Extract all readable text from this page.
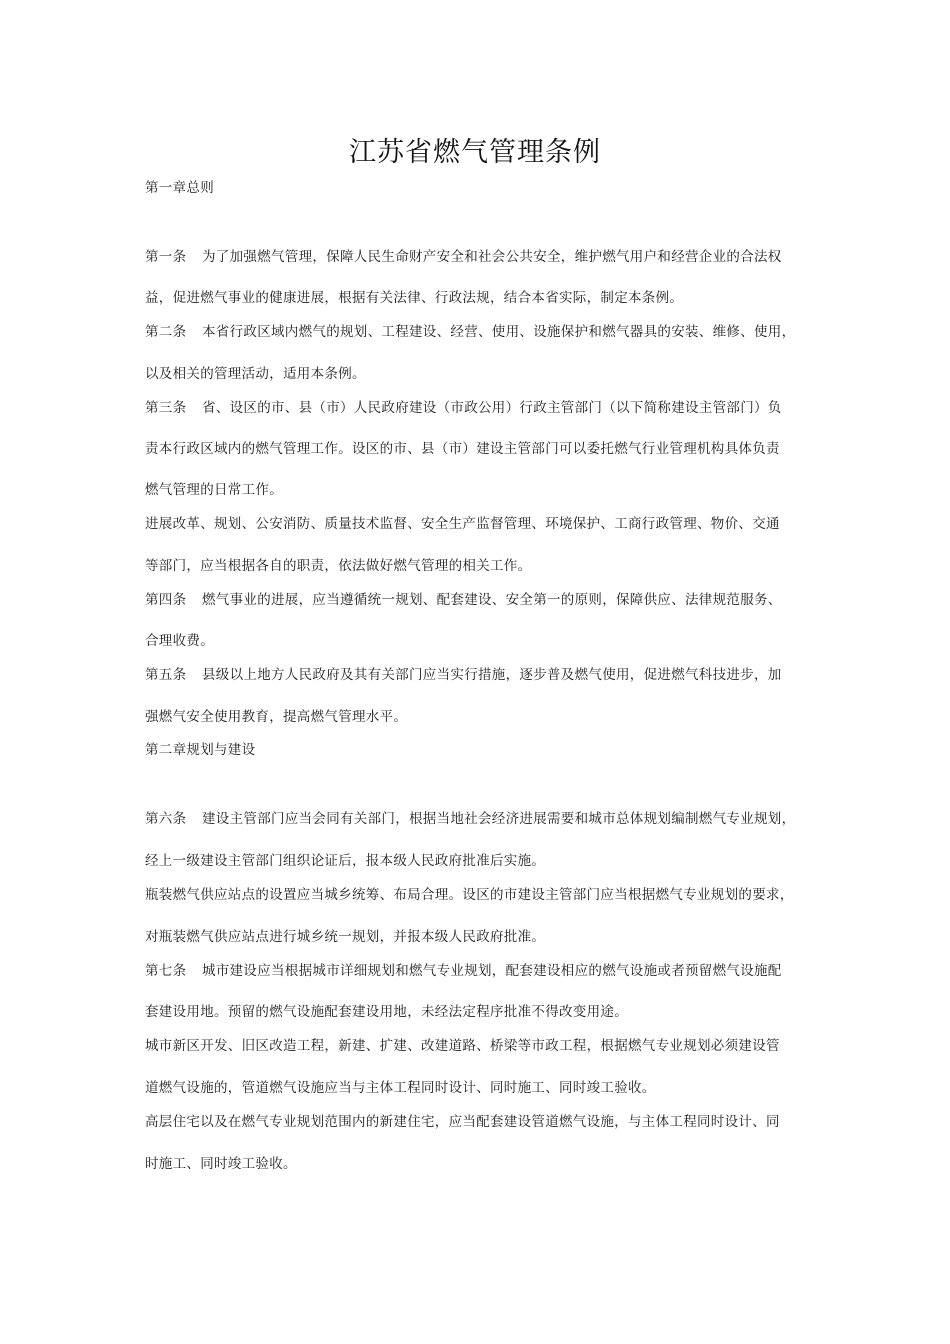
江苏省燃气管理条例
第一章总则
第一条 为了加强燃气管理，保障人民生命财产安全和社会公共安全，维护燃气用户和经营企业的合法权
益，促进燃气事业的健康进展，根据有关法律、行政法规，结合本省实际，制定本条例。
第二条 本省行政区域内燃气的规划、工程建设、经营、使用、设施保护和燃气器具的安装、维修、使用，
以及相关的管理活动，适用本条例。
第三条 省、设区的市、县（市）人民政府建设（市政公用）行政主管部门（以下简称建设主管部门）负
责本行政区域内的燃气管理工作。设区的市、县（市）建设主管部门可以委托燃气行业管理机构具体负责
燃气管理的日常工作。
进展改革、规划、公安消防、质量技术监督、安全生产监督管理、环境保护、工商行政管理、物价、交通
等部门，应当根据各自的职责，依法做好燃气管理的相关工作。
第四条 燃气事业的进展，应当遵循统一规划、配套建设、安全第一的原则，保障供应、法律规范服务、
合理收费。
第五条 县级以上地方人民政府及其有关部门应当实行措施，逐步普及燃气使用，促进燃气科技进步，加
强燃气安全使用教育，提高燃气管理水平。
第二章规划与建设
第六条 建设主管部门应当会同有关部门，根据当地社会经济进展需要和城市总体规划编制燃气专业规划，
经上一级建设主管部门组织论证后，报本级人民政府批准后实施。
瓶装燃气供应站点的设置应当城乡统筹、布局合理。设区的市建设主管部门应当根据燃气专业规划的要求，
对瓶装燃气供应站点进行城乡统一规划，并报本级人民政府批准。
第七条 城市建设应当根据城市详细规划和燃气专业规划，配套建设相应的燃气设施或者预留燃气设施配
套建设用地。预留的燃气设施配套建设用地，未经法定程序批准不得改变用途。
城市新区开发、旧区改造工程，新建、扩建、改建道路、桥梁等市政工程，根据燃气专业规划必须建设管
道燃气设施的，管道燃气设施应当与主体工程同时设计、同时施工、同时竣工验收。
高层住宅以及在燃气专业规划范围内的新建住宅，应当配套建设管道燃气设施，与主体工程同时设计、同
时施工、同时竣工验收。
